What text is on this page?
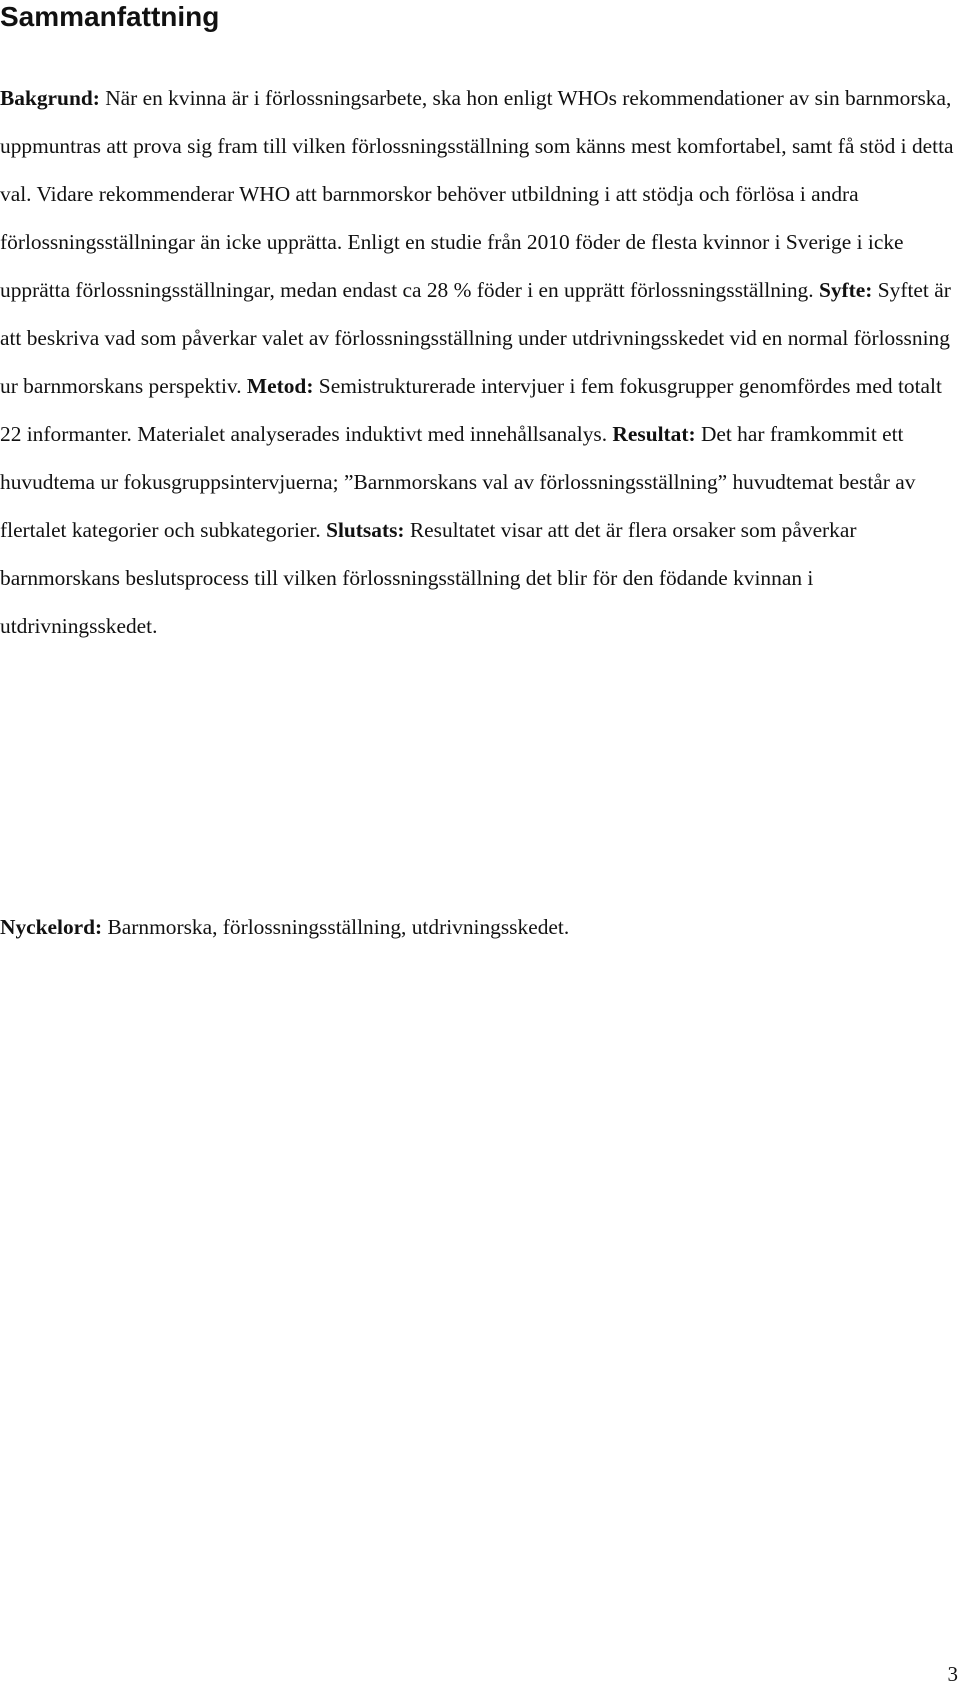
Sammanfattning

Bakgrund: När en kvinna är i förlossningsarbete, ska hon enligt WHOs rekommendationer av sin barnmorska, uppmuntras att prova sig fram till vilken förlossningsställning som känns mest komfortabel, samt få stöd i detta val. Vidare rekommenderar WHO att barnmorskor behöver utbildning i att stödja och förlösa i andra förlossningsställningar än icke upprätta. Enligt en studie från 2010 föder de flesta kvinnor i Sverige i icke upprätta förlossningsställningar, medan endast ca 28 % föder i en upprätt förlossningsställning. Syfte: Syftet är att beskriva vad som påverkar valet av förlossningsställning under utdrivningsskedet vid en normal förlossning ur barnmorskans perspektiv. Metod: Semistrukturerade intervjuer i fem fokusgrupper genomfördes med totalt 22 informanter. Materialet analyserades induktivt med innehållsanalys. Resultat: Det har framkommit ett huvudtema ur fokusgruppsintervjuerna; ”Barnmorskans val av förlossningsställning” huvudtemat består av flertalet kategorier och subkategorier. Slutsats: Resultatet visar att det är flera orsaker som påverkar barnmorskans beslutsprocess till vilken förlossningsställning det blir för den födande kvinnan i utdrivningsskedet.

Nyckelord: Barnmorska, förlossningsställning, utdrivningsskedet.

3
